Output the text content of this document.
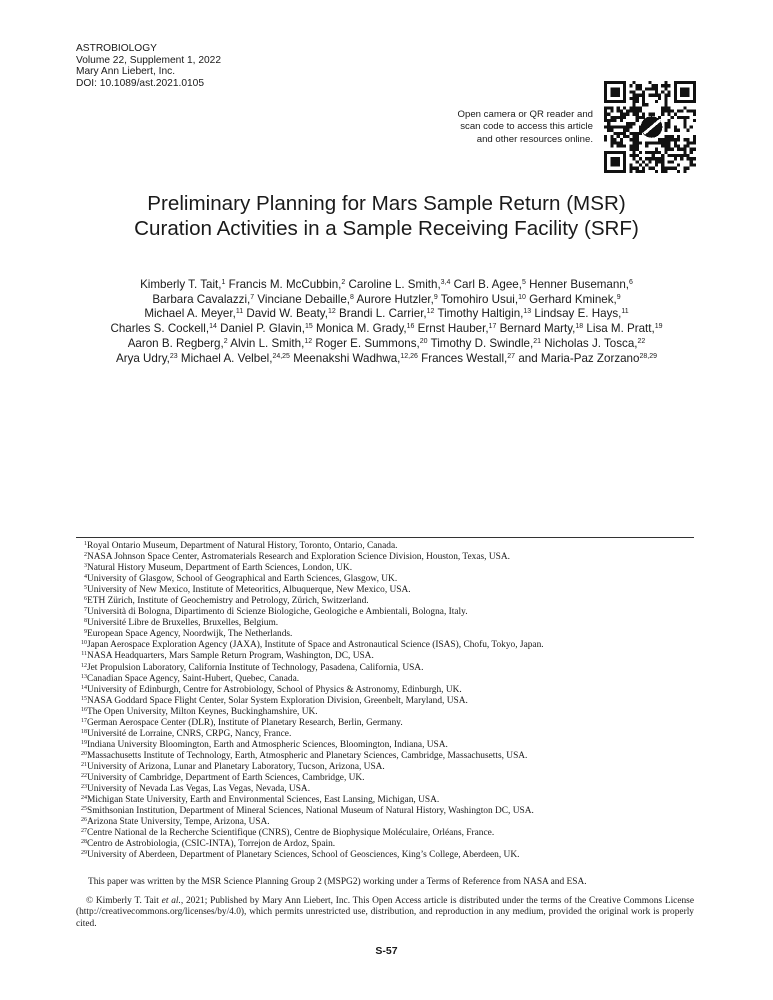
ASTROBIOLOGY
Volume 22, Supplement 1, 2022
Mary Ann Liebert, Inc.
DOI: 10.1089/ast.2021.0105
Open camera or QR reader and
scan code to access this article
and other resources online.
Preliminary Planning for Mars Sample Return (MSR)
Curation Activities in a Sample Receiving Facility (SRF)
Kimberly T. Tait,$^1$ Francis M. McCubbin,$^2$ Caroline L. Smith,$^{3,4}$ Carl B. Agee,$^5$ Henner Busemann,$^6$
Barbara Cavalazzi,$^7$ Vinciane Debaille,$^8$ Aurore Hutzler,$^9$ Tomohiro Usui,$^{10}$ Gerhard Kminek,$^9$
Michael A. Meyer,$^{11}$ David W. Beaty,$^{12}$ Brandi L. Carrier,$^{12}$ Timothy Haltigin,$^{13}$ Lindsay E. Hays,$^{11}$
Charles S. Cockell,$^{14}$ Daniel P. Glavin,$^{15}$ Monica M. Grady,$^{16}$ Ernst Hauber,$^{17}$ Bernard Marty,$^{18}$ Lisa M. Pratt,$^{19}$
Aaron B. Regberg,$^2$ Alvin L. Smith,$^{12}$ Roger E. Summons,$^{20}$ Timothy D. Swindle,$^{21}$ Nicholas J. Tosca,$^{22}$
Arya Udry,$^{23}$ Michael A. Velbel,$^{24,25}$ Meenakshi Wadhwa,$^{12,26}$ Frances Westall,$^{27}$ and Maria-Paz Zorzano$^{28,29}$
$^1$Royal Ontario Museum, Department of Natural History, Toronto, Ontario, Canada.
$^2$NASA Johnson Space Center, Astromaterials Research and Exploration Science Division, Houston, Texas, USA.
$^3$Natural History Museum, Department of Earth Sciences, London, UK.
$^4$University of Glasgow, School of Geographical and Earth Sciences, Glasgow, UK.
$^5$University of New Mexico, Institute of Meteoritics, Albuquerque, New Mexico, USA.
$^6$ETH Zürich, Institute of Geochemistry and Petrology, Zürich, Switzerland.
$^7$Università di Bologna, Dipartimento di Scienze Biologiche, Geologiche e Ambientali, Bologna, Italy.
$^8$Université Libre de Bruxelles, Bruxelles, Belgium.
$^9$European Space Agency, Noordwijk, The Netherlands.
$^{10}$Japan Aerospace Exploration Agency (JAXA), Institute of Space and Astronautical Science (ISAS), Chofu, Tokyo, Japan.
$^{11}$NASA Headquarters, Mars Sample Return Program, Washington, DC, USA.
$^{12}$Jet Propulsion Laboratory, California Institute of Technology, Pasadena, California, USA.
$^{13}$Canadian Space Agency, Saint-Hubert, Quebec, Canada.
$^{14}$University of Edinburgh, Centre for Astrobiology, School of Physics & Astronomy, Edinburgh, UK.
$^{15}$NASA Goddard Space Flight Center, Solar System Exploration Division, Greenbelt, Maryland, USA.
$^{16}$The Open University, Milton Keynes, Buckinghamshire, UK.
$^{17}$German Aerospace Center (DLR), Institute of Planetary Research, Berlin, Germany.
$^{18}$Université de Lorraine, CNRS, CRPG, Nancy, France.
$^{19}$Indiana University Bloomington, Earth and Atmospheric Sciences, Bloomington, Indiana, USA.
$^{20}$Massachusetts Institute of Technology, Earth, Atmospheric and Planetary Sciences, Cambridge, Massachusetts, USA.
$^{21}$University of Arizona, Lunar and Planetary Laboratory, Tucson, Arizona, USA.
$^{22}$University of Cambridge, Department of Earth Sciences, Cambridge, UK.
$^{23}$University of Nevada Las Vegas, Las Vegas, Nevada, USA.
$^{24}$Michigan State University, Earth and Environmental Sciences, East Lansing, Michigan, USA.
$^{25}$Smithsonian Institution, Department of Mineral Sciences, National Museum of Natural History, Washington DC, USA.
$^{26}$Arizona State University, Tempe, Arizona, USA.
$^{27}$Centre National de la Recherche Scientifique (CNRS), Centre de Biophysique Moléculaire, Orléans, France.
$^{28}$Centro de Astrobiologia, (CSIC-INTA), Torrejon de Ardoz, Spain.
$^{29}$University of Aberdeen, Department of Planetary Sciences, School of Geosciences, King’s College, Aberdeen, UK.
This paper was written by the MSR Science Planning Group 2 (MSPG2) working under a Terms of Reference from NASA and ESA.
© Kimberly T. Tait et al., 2021; Published by Mary Ann Liebert, Inc. This Open Access article is distributed under the terms of the Creative Commons License (http://creativecommons.org/licenses/by/4.0), which permits unrestricted use, distribution, and reproduction in any medium, provided the original work is properly cited.
S-57
